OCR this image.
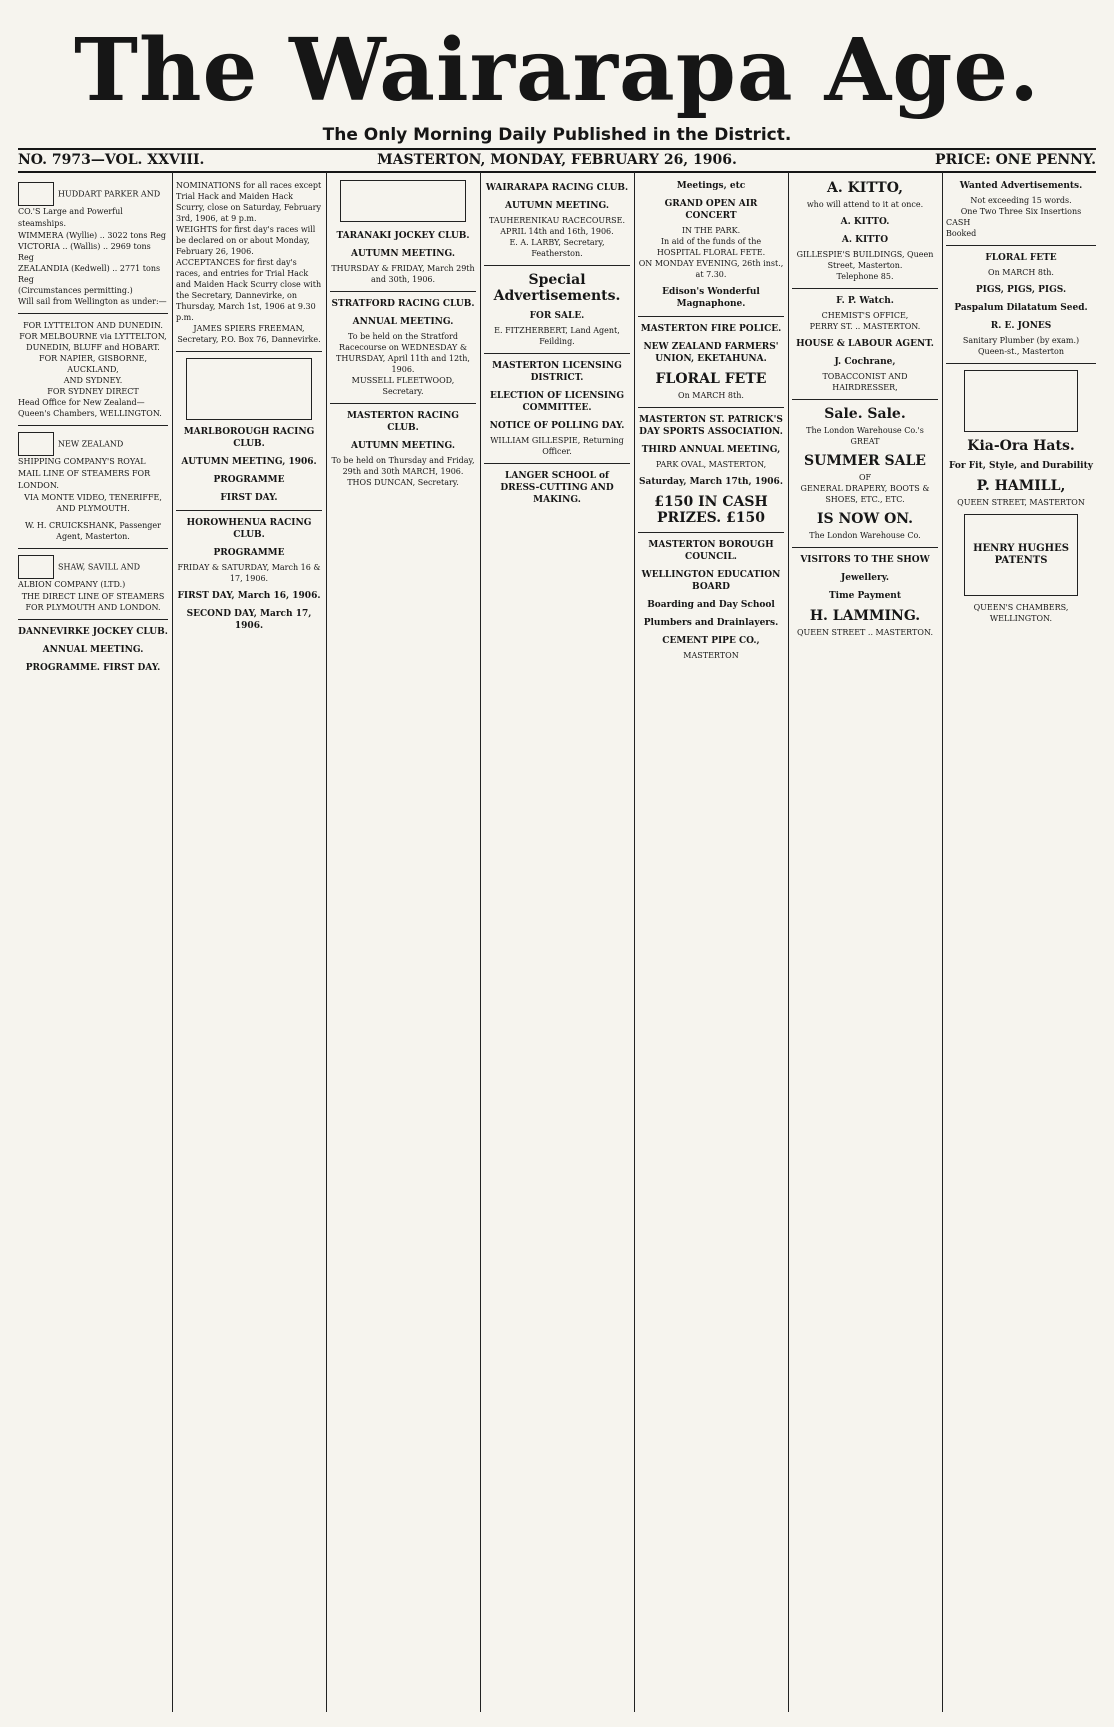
The Wairarapa Age.
The Only Morning Daily Published in the District.
NO. 7973—VOL. XXVIII.	MASTERTON, MONDAY, FEBRUARY 26, 1906.	PRICE: ONE PENNY.
HUDDART PARKER AND CO.'S Large and Powerful steamships.
WIMMERA (Wyllie) .. 3022 tons Reg
VICTORIA .. (Wallis) .. 2969 tons Reg
ZEALANDIA (Kedwell) .. 2771 tons Reg
(Circumstances permitting.)
Will sail from Wellington as under:—
FOR LYTTELTON AND DUNEDIN.
FOR MELBOURNE via LYTTELTON,
DUNEDIN, BLUFF and HOBART.
FOR NAPIER, GISBORNE, AUCKLAND,
AND SYDNEY.
FOR SYDNEY DIRECT
Head Office for New Zealand—Queen's Chambers, WELLINGTON.
NEW ZEALAND SHIPPING COMPANY'S ROYAL MAIL LINE OF STEAMERS FOR LONDON.
VIA MONTE VIDEO, TENERIFFE, AND PLYMOUTH.
W. H. CRUICKSHANK, Passenger Agent, Masterton.
SHAW, SAVILL AND ALBION COMPANY (LTD.)
THE DIRECT LINE OF STEAMERS FOR PLYMOUTH AND LONDON.
DANNEVIRKE JOCKEY CLUB.
ANNUAL MEETING.
PROGRAMME. FIRST DAY.
NOMINATIONS for all races except Trial Hack and Maiden Hack Scurry, close on Saturday, February 3rd, 1906, at 9 p.m.
WEIGHTS for first day's races will be declared on or about Monday, February 26, 1906.
ACCEPTANCES for first day's races, and entries for Trial Hack and Maiden Hack Scurry close with the Secretary, Dannevirke, on Thursday, March 1st, 1906 at 9.30 p.m.
JAMES SPIERS FREEMAN, Secretary, P.O. Box 76, Dannevirke.
MARLBOROUGH RACING CLUB.
AUTUMN MEETING, 1906.
PROGRAMME
FIRST DAY.
HOROWHENUA RACING CLUB.
PROGRAMME
FRIDAY & SATURDAY, March 16 & 17, 1906.
FIRST DAY, March 16, 1906.
SECOND DAY, March 17, 1906.
TARANAKI JOCKEY CLUB.
AUTUMN MEETING.
THURSDAY & FRIDAY, March 29th and 30th, 1906.
STRATFORD RACING CLUB.
ANNUAL MEETING.
To be held on the Stratford Racecourse on WEDNESDAY & THURSDAY, April 11th and 12th, 1906.
MUSSELL FLEETWOOD, Secretary.
MASTERTON RACING CLUB.
AUTUMN MEETING.
To be held on Thursday and Friday, 29th and 30th MARCH, 1906.
THOS DUNCAN, Secretary.
WAIRARAPA RACING CLUB.
AUTUMN MEETING.
TAUHERENIKAU RACECOURSE.
APRIL 14th and 16th, 1906.
E. A. LARBY, Secretary, Featherston.
Special Advertisements.
FOR SALE.
E. FITZHERBERT, Land Agent, Feilding.
MASTERTON LICENSING DISTRICT.
ELECTION OF LICENSING COMMITTEE.
NOTICE OF POLLING DAY.
WILLIAM GILLESPIE, Returning Officer.
LANGER SCHOOL of DRESS-CUTTING AND MAKING.
Meetings, etc
GRAND OPEN AIR CONCERT
IN THE PARK.
In aid of the funds of the HOSPITAL FLORAL FETE.
ON MONDAY EVENING, 26th inst., at 7.30.
Edison's Wonderful Magnaphone.
MASTERTON FIRE POLICE.
NEW ZEALAND FARMERS' UNION, EKETAHUNA.
FLORAL FETE
On MARCH 8th.
MASTERTON ST. PATRICK'S DAY SPORTS ASSOCIATION.
THIRD ANNUAL MEETING,
PARK OVAL, MASTERTON,
Saturday, March 17th, 1906.
£150 IN CASH PRIZES. £150
MASTERTON BOROUGH COUNCIL.
WELLINGTON EDUCATION BOARD
Boarding and Day School
Plumbers and Drainlayers.
CEMENT PIPE CO.,
MASTERTON
A. KITTO,
who will attend to it at once.
A. KITTO.
A. KITTO
GILLESPIE'S BUILDINGS, Queen Street, Masterton.
Telephone 85.
F. P. Watch.
CHEMIST'S OFFICE,
PERRY ST. .. MASTERTON.
HOUSE & LABOUR AGENT.
J. Cochrane,
TOBACCONIST AND HAIRDRESSER,
Sale. Sale.
The London Warehouse Co.'s
GREAT
SUMMER SALE
OF
GENERAL DRAPERY, BOOTS & SHOES, ETC., ETC.
IS NOW ON.
The London Warehouse Co.
VISITORS TO THE SHOW
Jewellery.
Time Payment
H. LAMMING.
QUEEN STREET .. MASTERTON.
Wanted Advertisements.
Not exceeding 15 words.
One Two Three Six Insertions
CASH
Booked
FLORAL FETE
On MARCH 8th.
PIGS, PIGS, PIGS.
Paspalum Dilatatum Seed.
R. E. JONES
Sanitary Plumber (by exam.)
Queen-st., Masterton
Kia-Ora Hats.
For Fit, Style, and Durability
P. HAMILL,
QUEEN STREET, MASTERTON
HENRY HUGHES PATENTS
QUEEN'S CHAMBERS, WELLINGTON.
